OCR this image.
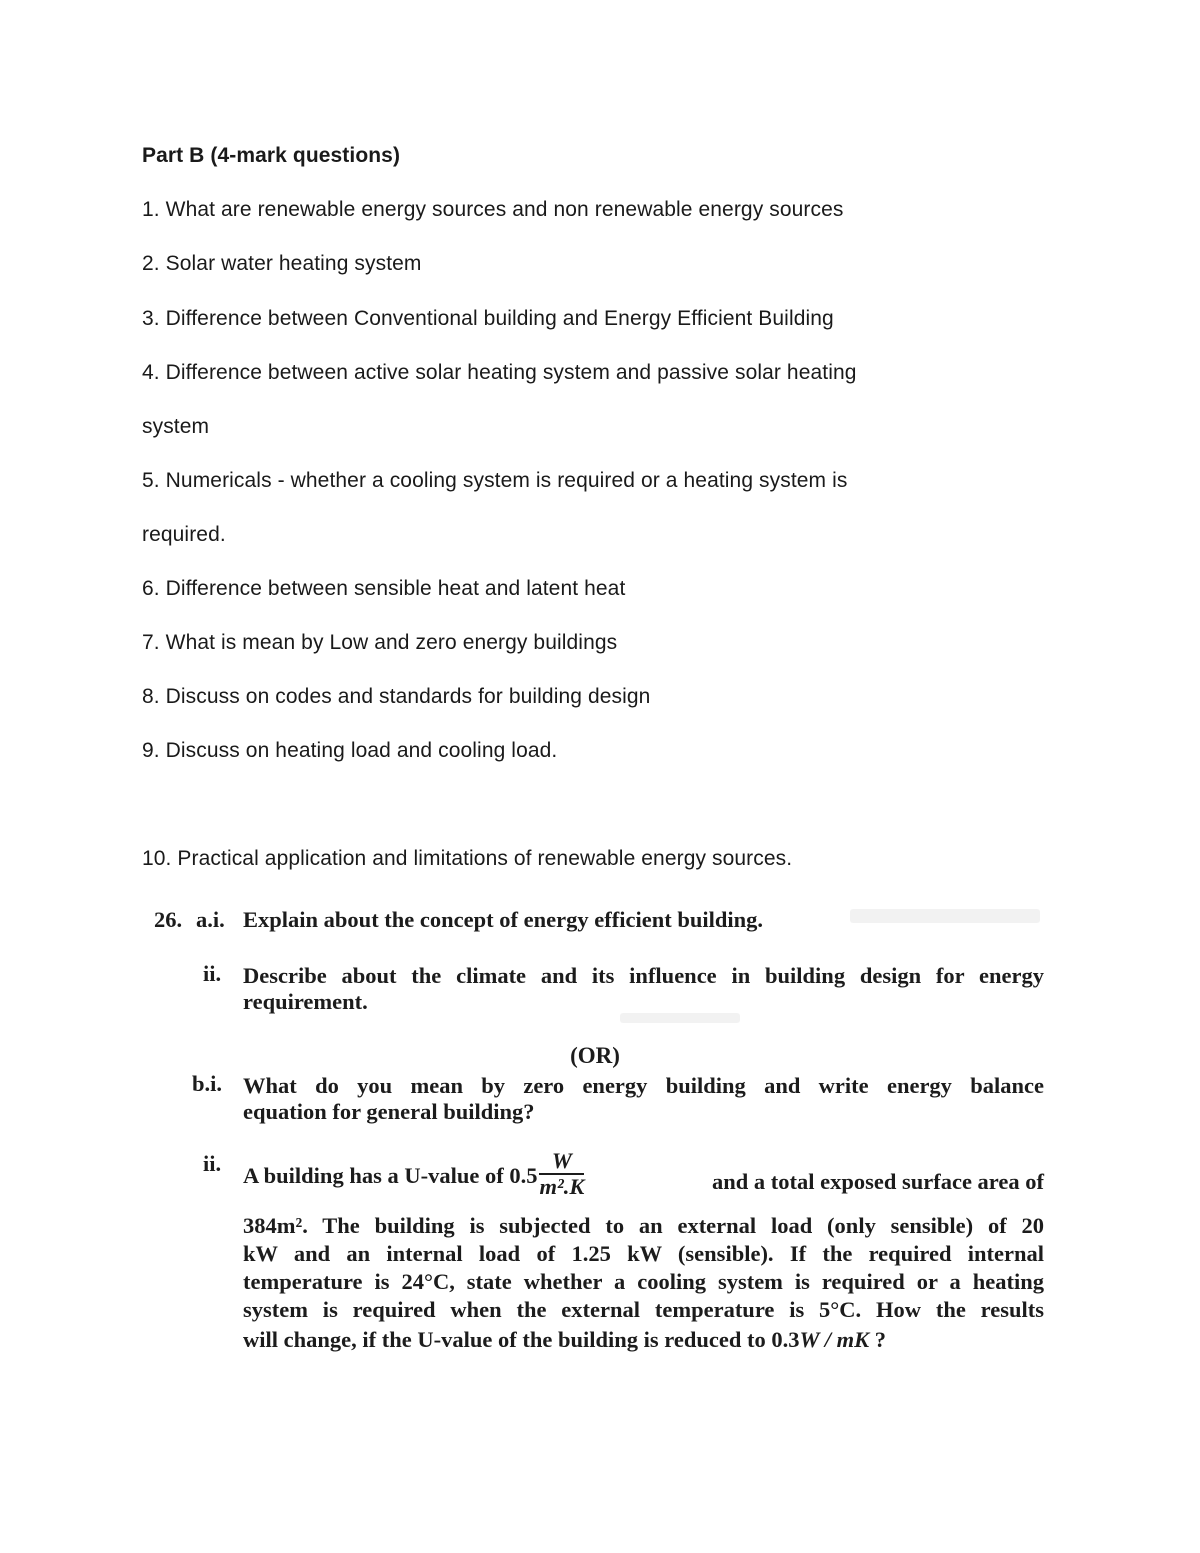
Part B (4-mark questions)
1. What are renewable energy sources and non renewable energy sources
2. Solar water heating system
3. Difference between Conventional building and Energy Efficient Building
4. Difference between active solar heating system and passive solar heating
system
5. Numericals - whether a cooling system is required or a heating system is
required.
6. Difference between sensible heat and latent heat
7. What is mean by Low and zero energy buildings
8. Discuss on codes and standards for building design
9. Discuss on heating load and cooling load.
10. Practical application and limitations of renewable energy sources.
26. a.i. Explain about the concept of energy efficient building.
ii. Describe about the climate and its influence in building design for energy
requirement.
(OR)
b.i. What do you mean by zero energy building and write energy balance
equation for general building?
ii. A building has a U-value of $0.5 \frac{W}{\text{m².K}}$	and a total exposed surface area of
384m². The building is subjected to an external load (only sensible) of 20
kW and an internal load of 1.25 kW (sensible). If the required internal
temperature is 24°C, state whether a cooling system is required or a heating
system is required when the external temperature is 5°C. How the results
will change, if the U-value of the building is reduced to 0.3W / mK ?
